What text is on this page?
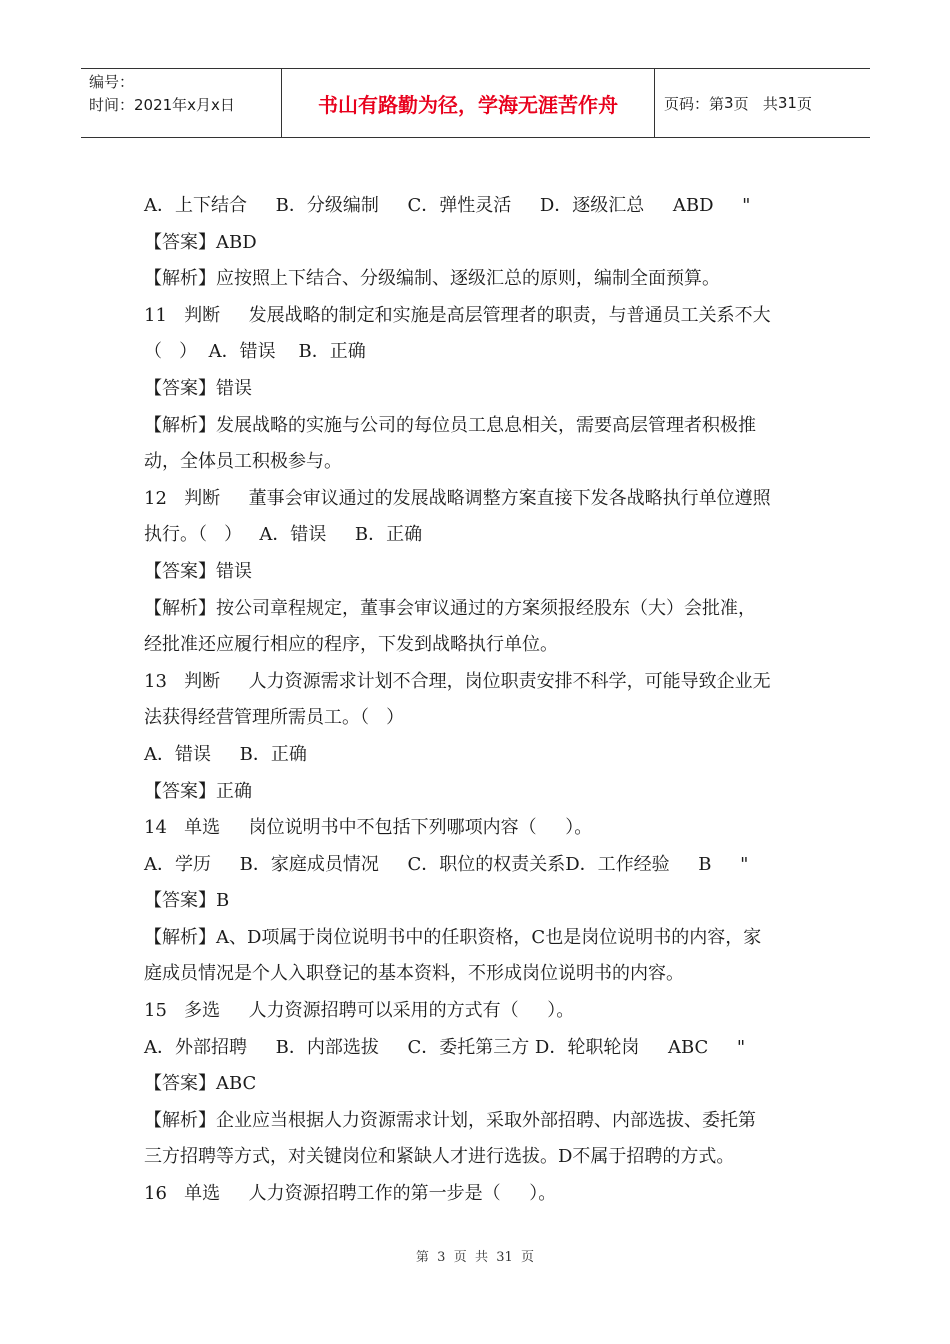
编号：
时间：2021年x月x日	书山有路勤为径，学海无涯苦作舟	页码：第 3 页   共 31 页

A．上下结合     B．分级编制     C．弹性灵活     D．逐级汇总     ABD     "

【答案】ABD

【解析】应按照上下结合、分级编制、逐级汇总的原则，编制全面预算。

11   判断     发展战略的制定和实施是高层管理者的职责，与普通员工关系不大

（   ）  A．错误    B．正确

【答案】错误

【解析】发展战略的实施与公司的每位员工息息相关，需要高层管理者积极推

动，全体员工积极参与。

12   判断     董事会审议通过的发展战略调整方案直接下发各战略执行单位遵照

执行。（   ）   A．错误     B．正确

【答案】错误

【解析】按公司章程规定，董事会审议通过的方案须报经股东（大）会批准，

经批准还应履行相应的程序，下发到战略执行单位。

13   判断     人力资源需求计划不合理，岗位职责安排不科学，可能导致企业无

法获得经营管理所需员工。（   ）

A．错误     B．正确

【答案】正确

14   单选     岗位说明书中不包括下列哪项内容（     ）。

A．学历     B．家庭成员情况     C．职位的权责关系D．工作经验     B     "

【答案】B

【解析】A、D项属于岗位说明书中的任职资格，C也是岗位说明书的内容，家

庭成员情况是个人入职登记的基本资料，不形成岗位说明书的内容。

15   多选     人力资源招聘可以采用的方式有（     ）。

A．外部招聘     B．内部选拔     C．委托第三方 D．轮职轮岗     ABC     "

【答案】ABC

【解析】企业应当根据人力资源需求计划，采取外部招聘、内部选拔、委托第

三方招聘等方式，对关键岗位和紧缺人才进行选拔。D不属于招聘的方式。

16   单选     人力资源招聘工作的第一步是（     ）。

第  3  页  共  31  页
